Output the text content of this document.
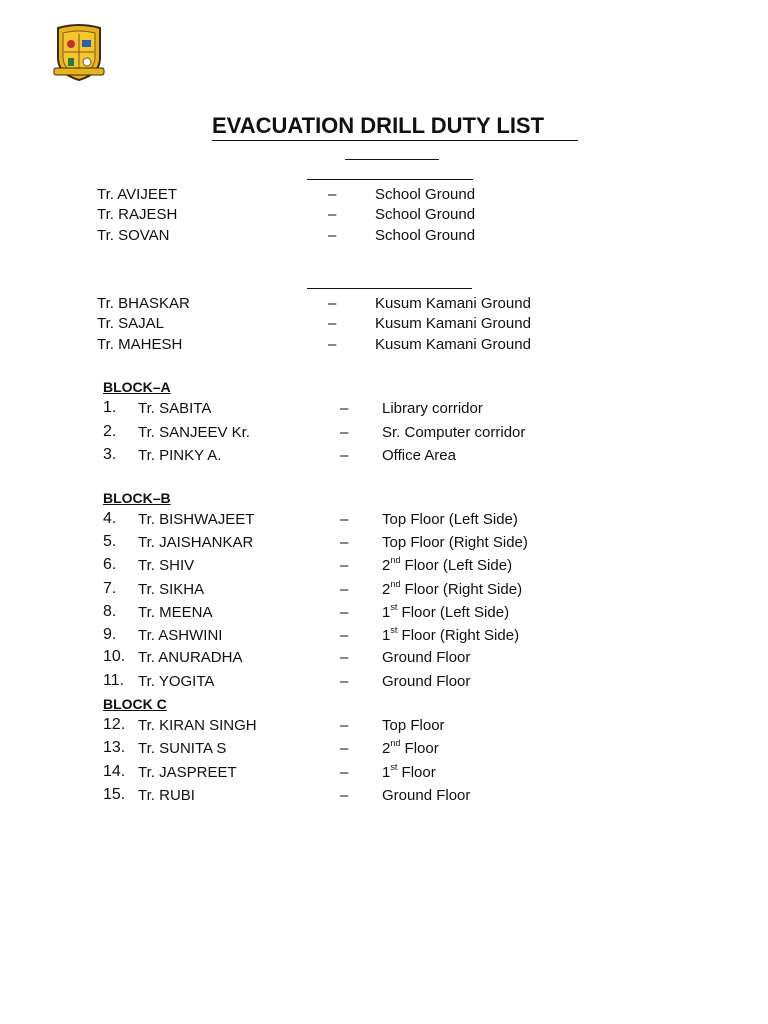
EVACUATION DRILL DUTY LIST
Tr. AVIJEET	–	School Ground
Tr. RAJESH	–	School Ground
Tr. SOVAN	–	School Ground
Tr. BHASKAR	–	Kusum Kamani Ground
Tr. SAJAL	–	Kusum Kamani Ground
Tr. MAHESH	–	Kusum Kamani Ground
BLOCK–A
1.	Tr. SABITA	– Library corridor
2.	Tr. SANJEEV Kr.	– Sr. Computer corridor
3.	Tr. PINKY A.	– Office Area
BLOCK–B
4.	Tr. BISHWAJEET	– Top Floor (Left Side)
5.	Tr. JAISHANKAR	– Top Floor (Right Side)
6.	Tr. SHIV	– 2nd Floor (Left Side)
7.	Tr. SIKHA	– 2nd Floor (Right Side)
8.	Tr. MEENA	– 1st Floor (Left Side)
9.	Tr. ASHWINI	– 1st Floor (Right Side)
10. Tr. ANURADHA	– Ground Floor
11. Tr. YOGITA	– Ground Floor
BLOCK C
12. Tr. KIRAN SINGH	– Top Floor
13. Tr. SUNITA S	– 2nd Floor
14. Tr. JASPREET	– 1st Floor
15. Tr. RUBI	– Ground Floor
